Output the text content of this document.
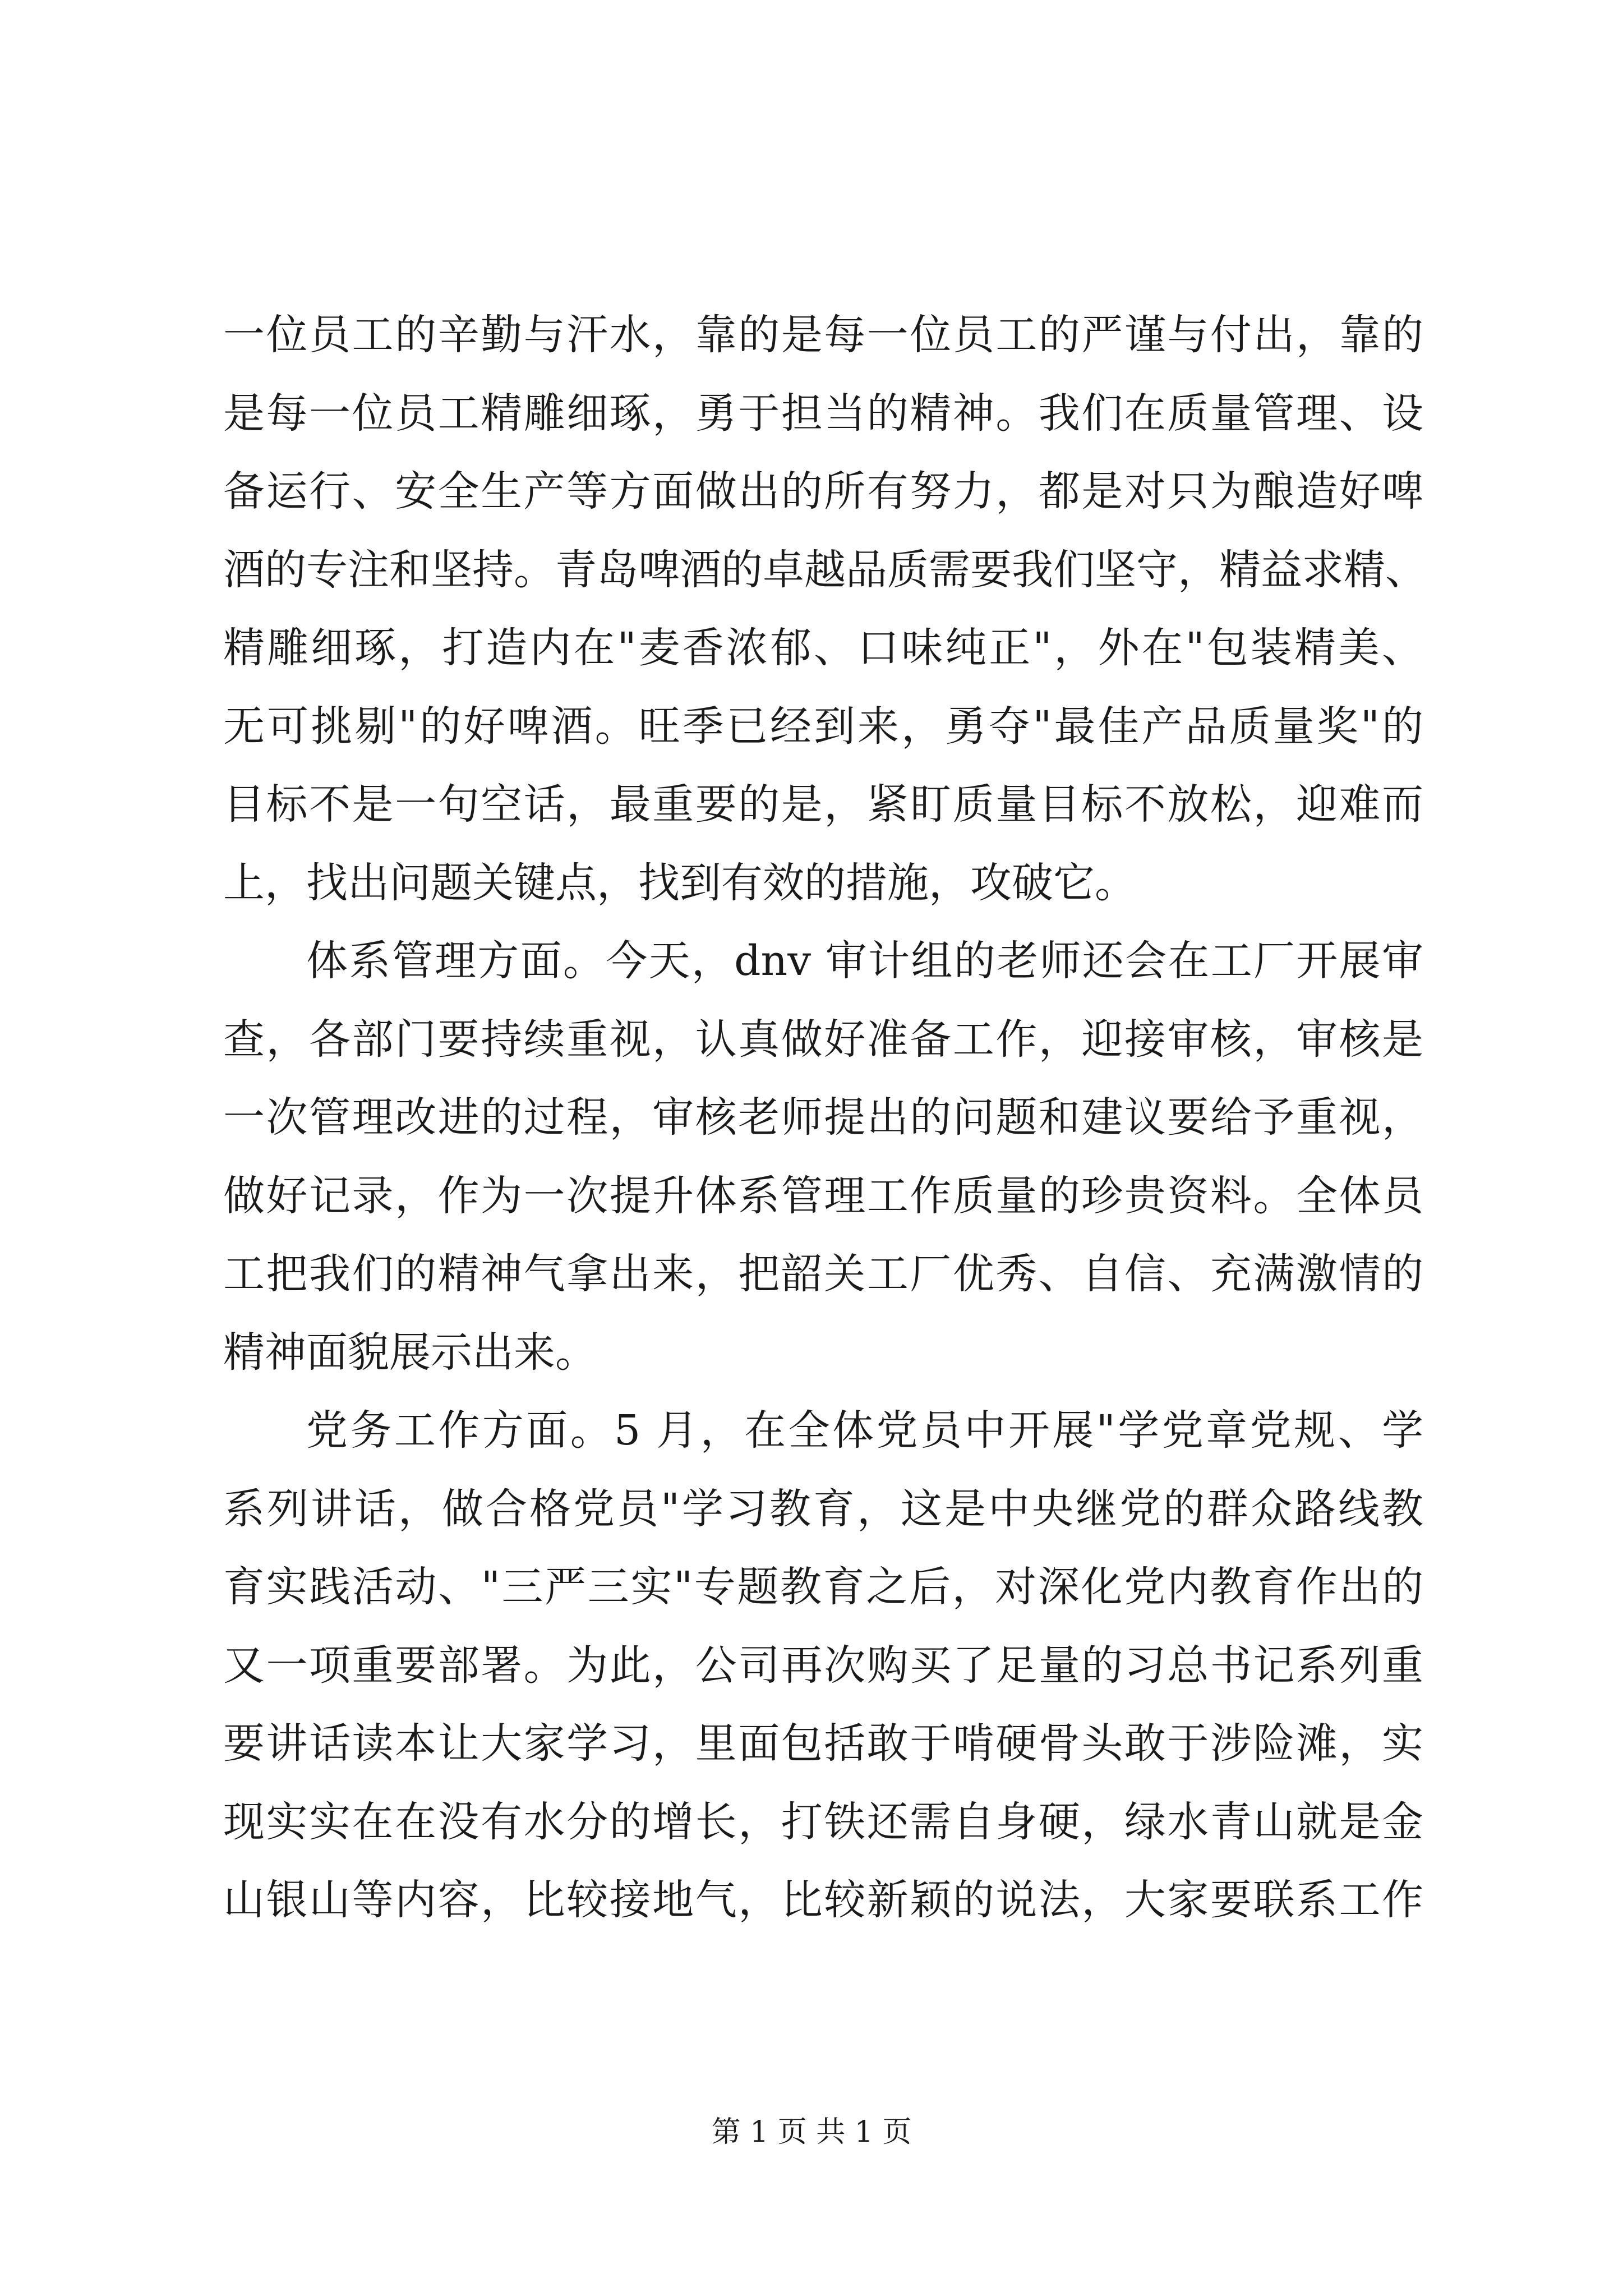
一位员工的辛勤与汗水，靠的是每一位员工的严谨与付出，靠的
是每一位员工精雕细琢，勇于担当的精神。我们在质量管理、设
备运行、安全生产等方面做出的所有努力，都是对只为酿造好啤
酒的专注和坚持。青岛啤酒的卓越品质需要我们坚守，精益求精、
精雕细琢，打造内在"麦香浓郁、口味纯正"，外在"包装精美、
无可挑剔"的好啤酒。旺季已经到来，勇夺"最佳产品质量奖"的
目标不是一句空话，最重要的是，紧盯质量目标不放松，迎难而
上，找出问题关键点，找到有效的措施，攻破它。
体系管理方面。今天，dnv 审计组的老师还会在工厂开展审
查，各部门要持续重视，认真做好准备工作，迎接审核，审核是
一次管理改进的过程，审核老师提出的问题和建议要给予重视，
做好记录，作为一次提升体系管理工作质量的珍贵资料。全体员
工把我们的精神气拿出来，把韶关工厂优秀、自信、充满激情的
精神面貌展示出来。
党务工作方面。5 月，在全体党员中开展"学党章党规、学
系列讲话，做合格党员"学习教育，这是中央继党的群众路线教
育实践活动、"三严三实"专题教育之后，对深化党内教育作出的
又一项重要部署。为此，公司再次购买了足量的习总书记系列重
要讲话读本让大家学习，里面包括敢于啃硬骨头敢于涉险滩，实
现实实在在没有水分的增长，打铁还需自身硬，绿水青山就是金
山银山等内容，比较接地气，比较新颖的说法，大家要联系工作
第 1 页 共 1 页
